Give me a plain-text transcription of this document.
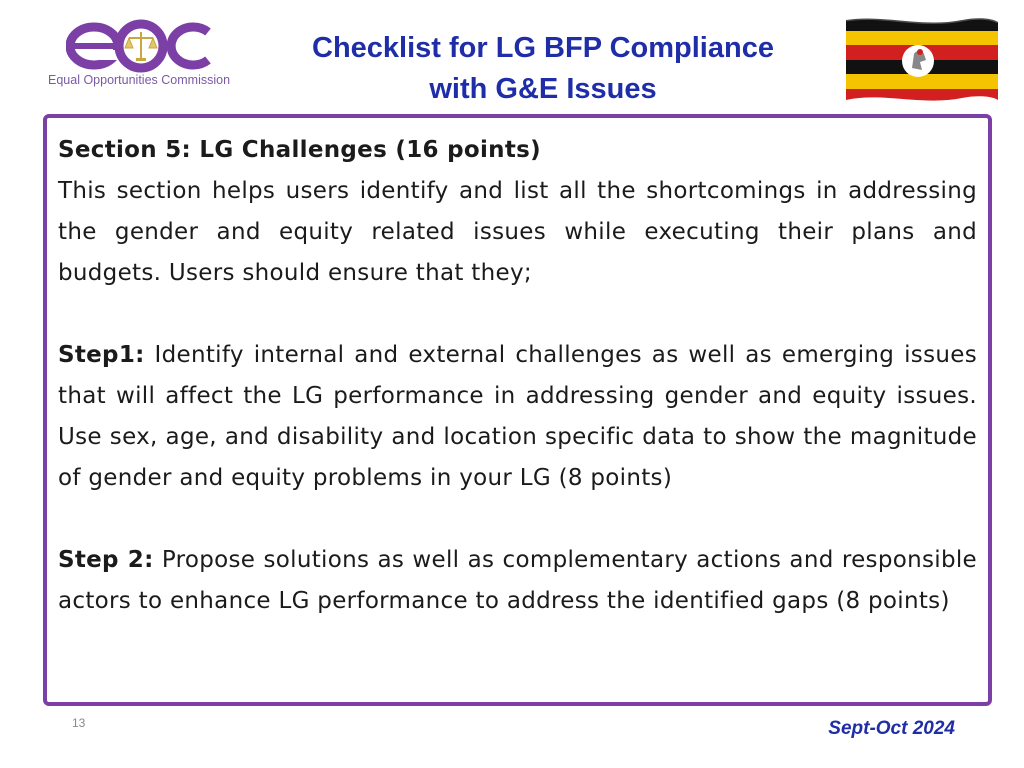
Equal Opportunities Commission
Checklist for LG BFP Compliance
with G&E Issues

Section 5: LG Challenges (16 points)

This section helps users identify and list all the shortcomings in addressing the gender and equity related issues while executing their plans and budgets. Users should ensure that they;

Step1: Identify internal and external challenges as well as emerging issues that will affect the LG performance in addressing gender and equity issues. Use sex, age, and disability and location specific data to show the magnitude of gender and equity problems in your LG (8 points)

Step 2: Propose solutions as well as complementary actions and responsible actors to enhance LG performance to address the identified gaps (8 points)

13	Sept-Oct 2024
